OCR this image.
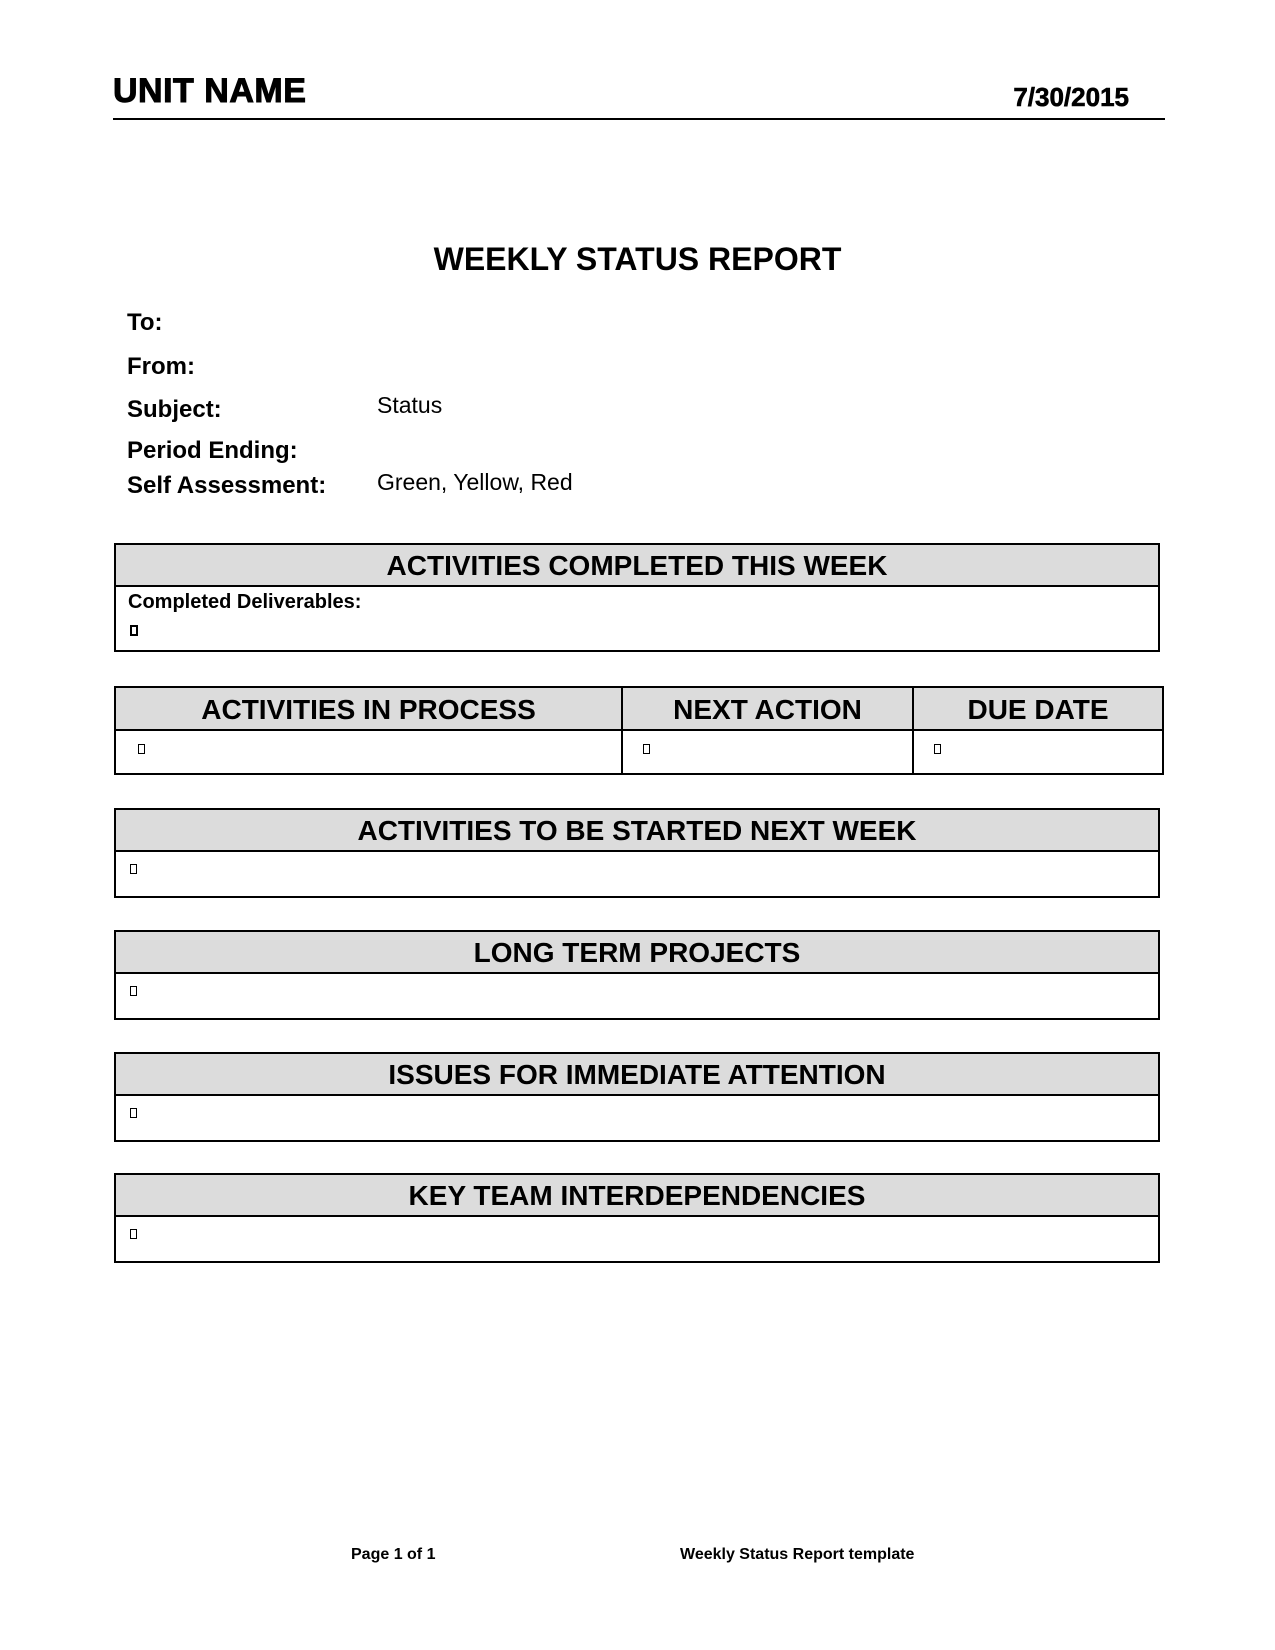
UNIT NAME	7/30/2015
WEEKLY STATUS REPORT
To:
From:
Subject:	Status
Period Ending:
Self Assessment: Green, Yellow, Red
ACTIVITIES COMPLETED THIS WEEK
Completed Deliverables:
ACTIVITIES IN PROCESS	NEXT ACTION	DUE DATE
ACTIVITIES TO BE STARTED NEXT WEEK
LONG TERM PROJECTS
ISSUES FOR IMMEDIATE ATTENTION
KEY TEAM INTERDEPENDENCIES
Page 1 of 1	Weekly Status Report template
